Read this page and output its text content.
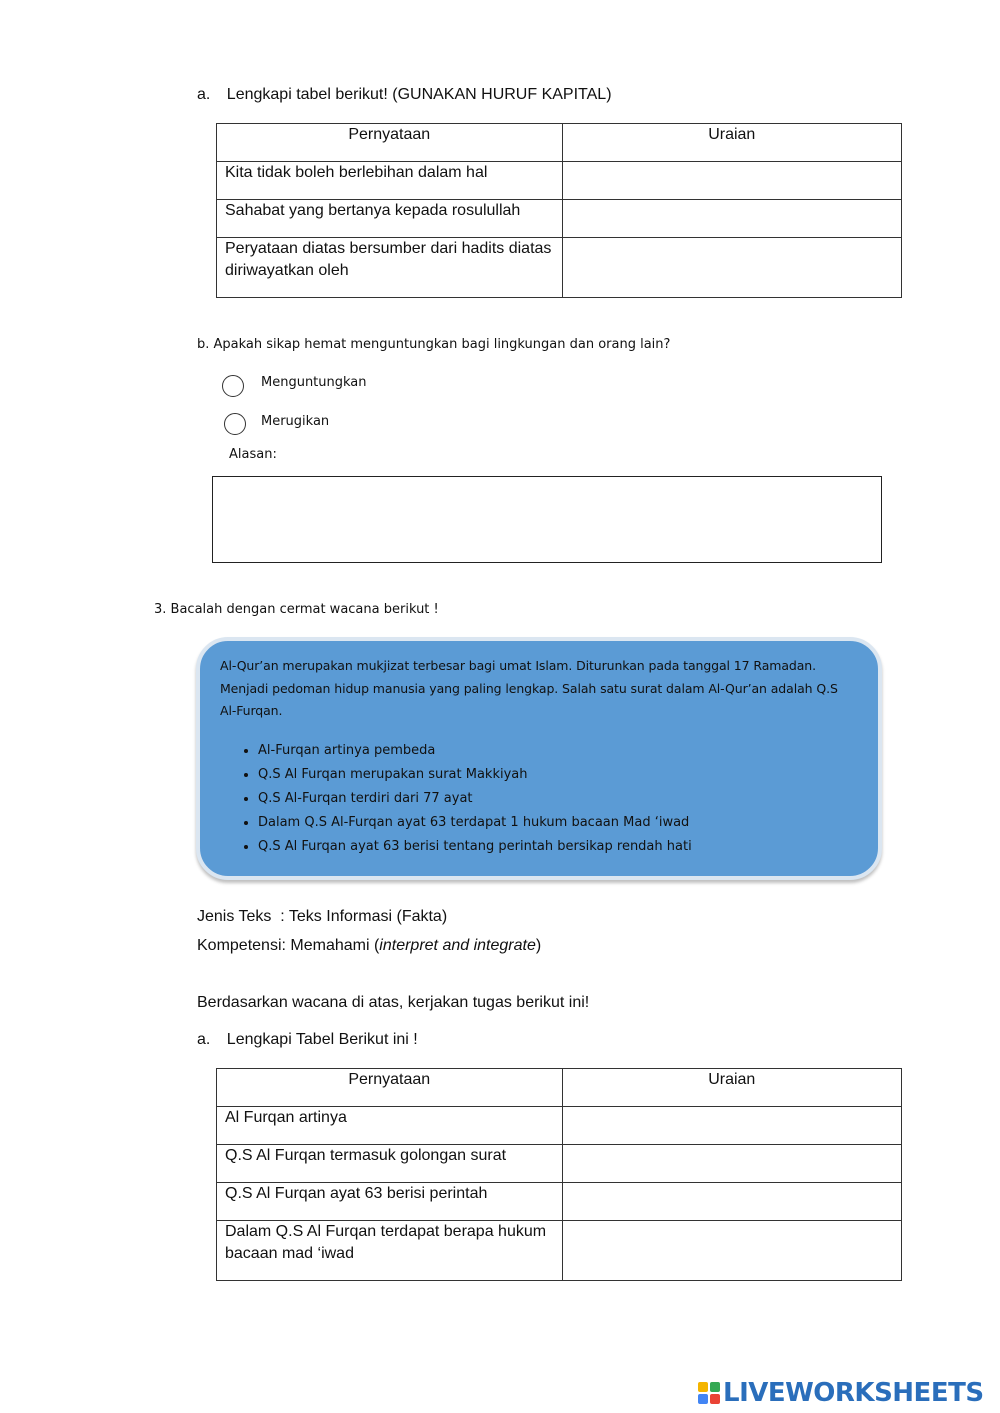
a. Lengkapi tabel berikut! (GUNAKAN HURUF KAPITAL)
Pernyataan	Uraian
Kita tidak boleh berlebihan dalam hal	
Sahabat yang bertanya kepada rosulullah	
Peryataan diatas bersumber dari hadits diatas diriwayatkan oleh	
b. Apakah sikap hemat menguntungkan bagi lingkungan dan orang lain?
Menguntungkan
Merugikan
Alasan:
3. Bacalah dengan cermat wacana berikut !

Al-Qur’an merupakan mukjizat terbesar bagi umat Islam. Diturunkan pada tanggal 17 Ramadan. Menjadi pedoman hidup manusia yang paling lengkap. Salah satu surat dalam Al-Qur’an adalah Q.S Al-Furqan.

• Al-Furqan artinya pembeda
• Q.S Al Furqan merupakan surat Makkiyah
• Q.S Al-Furqan terdiri dari 77 ayat
• Dalam Q.S Al-Furqan ayat 63 terdapat 1 hukum bacaan Mad ‘iwad
• Q.S Al Furqan ayat 63 berisi tentang perintah bersikap rendah hati
Jenis Teks  : Teks Informasi (Fakta)
Kompetensi: Memahami (interpret and integrate)
Berdasarkan wacana di atas, kerjakan tugas berikut ini!
a. Lengkapi Tabel Berikut ini !
Pernyataan	Uraian
Al Furqan artinya	
Q.S Al Furqan termasuk golongan surat	
Q.S Al Furqan ayat 63 berisi perintah	
Dalam Q.S Al Furqan terdapat berapa hukum bacaan mad ‘iwad	
LIVEWORKSHEETS
